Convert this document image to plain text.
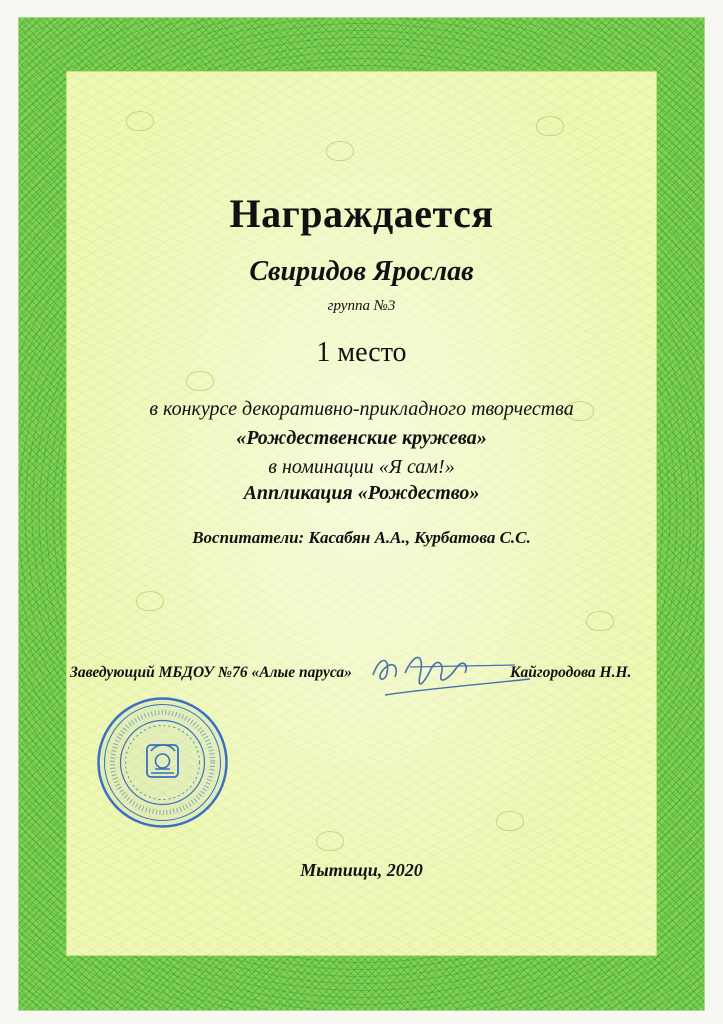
Награждается
Свиридов Ярослав
группа №3
1 место
в конкурсе декоративно-прикладного творчества
«Рождественские кружева»
в номинации «Я сам!»
Аппликация «Рождество»
Воспитатели: Касабян А.А., Курбатова С.С.
Заведующий МБДОУ №76 «Алые паруса»	Кайгородова Н.Н.
Мытищи, 2020
